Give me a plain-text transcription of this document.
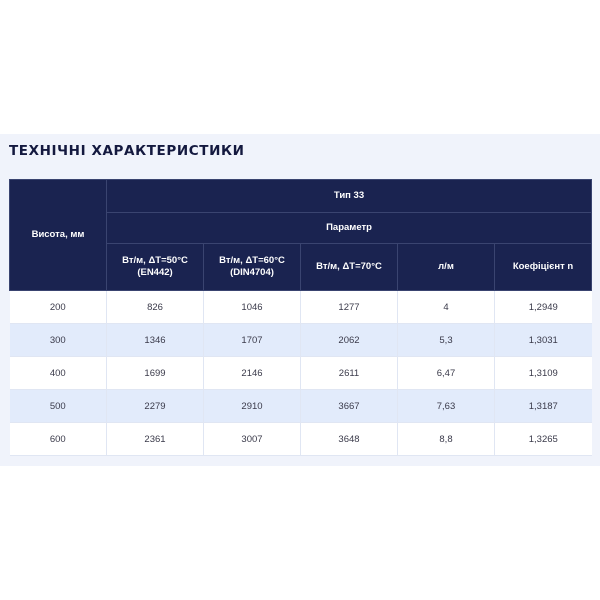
ТЕХНІЧНІ ХАРАКТЕРИСТИКИ
Висота, мм	Тип 33				
	Параметр				
	Вт/м, ΔT=50°C (EN442)	Вт/м, ΔT=60°C (DIN4704)	Вт/м, ΔT=70°C	л/м	Коефіцієнт n
200	826	1046	1277	4	1,2949
300	1346	1707	2062	5,3	1,3031
400	1699	2146	2611	6,47	1,3109
500	2279	2910	3667	7,63	1,3187
600	2361	3007	3648	8,8	1,3265
